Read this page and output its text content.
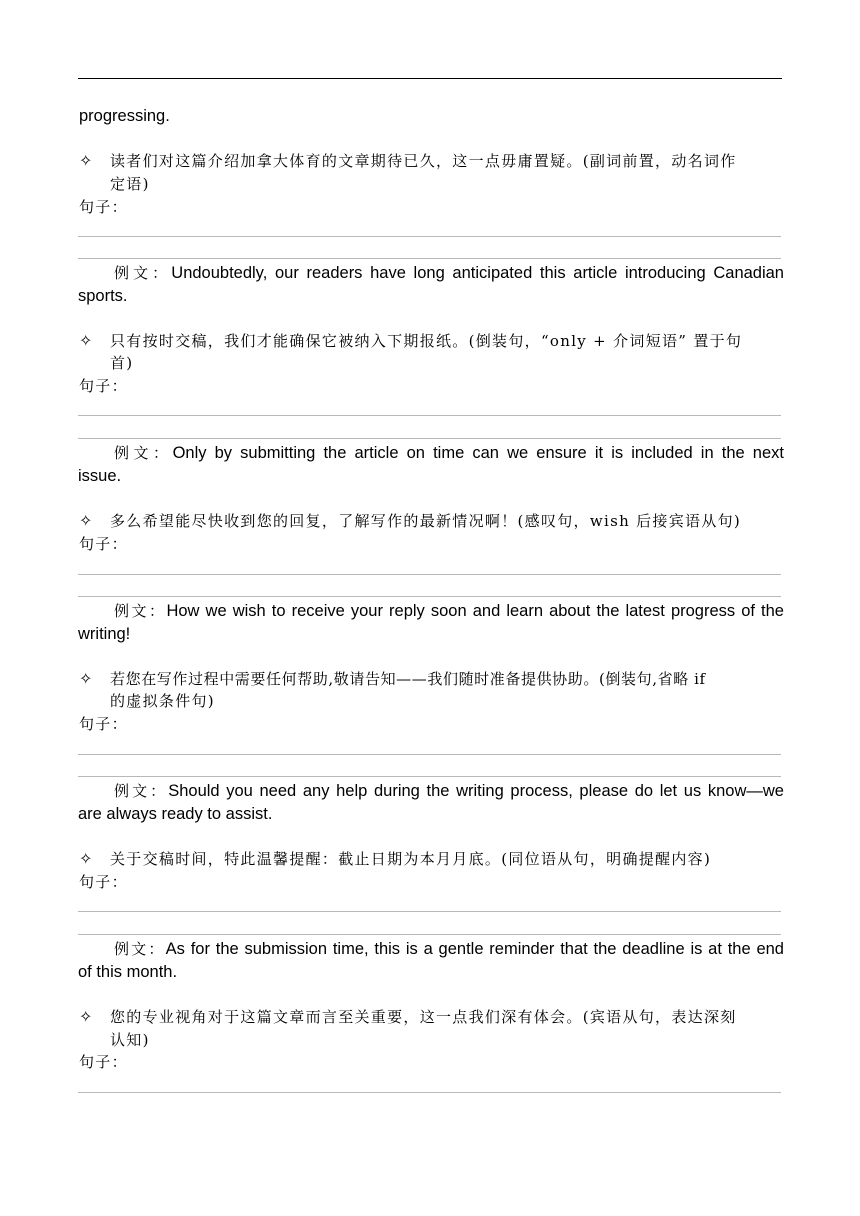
progressing.
✧ 读者们对这篇介绍加拿大体育的文章期待已久，这一点毋庸置疑。(副词前置，动名词作
定语)
句子：
例文：Undoubtedly, our readers have long anticipated this article introducing Canadian
sports.
✧ 只有按时交稿，我们才能确保它被纳入下期报纸。(倒装句，“only + 介词短语” 置于句
首)
句子：
例文：Only by submitting the article on time can we ensure it is included in the next
issue.
✧ 多么希望能尽快收到您的回复，了解写作的最新情况啊！(感叹句，wish 后接宾语从句)
句子：
例文：How we wish to receive your reply soon and learn about the latest progress of the
writing!
✧ 若您在写作过程中需要任何帮助,敬请告知——我们随时准备提供协助。(倒装句,省略 if
的虚拟条件句)
句子：
例文：Should you need any help during the writing process, please do let us know—we
are always ready to assist.
✧ 关于交稿时间，特此温馨提醒：截止日期为本月月底。(同位语从句，明确提醒内容)
句子：
例文：As for the submission time, this is a gentle reminder that the deadline is at the end
of this month.
✧ 您的专业视角对于这篇文章而言至关重要，这一点我们深有体会。(宾语从句，表达深刻
认知)
句子：
